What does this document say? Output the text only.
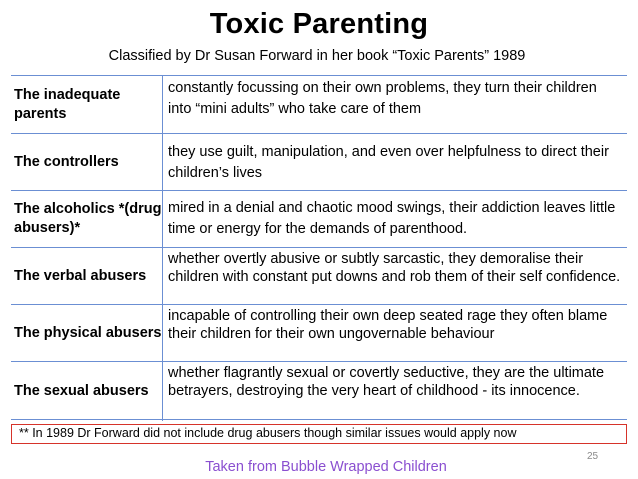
Toxic Parenting
Classified by Dr Susan Forward in her book “Toxic Parents” 1989
The inadequate parents
constantly focussing on their own problems, they turn their children into “mini adults” who take care of them
The controllers
they use guilt, manipulation, and even over helpfulness to direct their children’s lives
The alcoholics *(drug abusers)*
mired in a denial and chaotic mood swings, their addiction leaves little time or energy for the demands of parenthood.
The verbal abusers
whether overtly abusive or subtly sarcastic, they demoralise their children with constant put downs and rob them of their self confidence.
The physical abusers
incapable of controlling their own deep seated rage they often blame their children for their own ungovernable behaviour
The sexual abusers
whether flagrantly sexual or covertly seductive, they are the ultimate betrayers, destroying the very heart of childhood - its innocence.
** In 1989 Dr Forward did not include drug abusers though similar issues would apply now
Taken from Bubble Wrapped Children
25
